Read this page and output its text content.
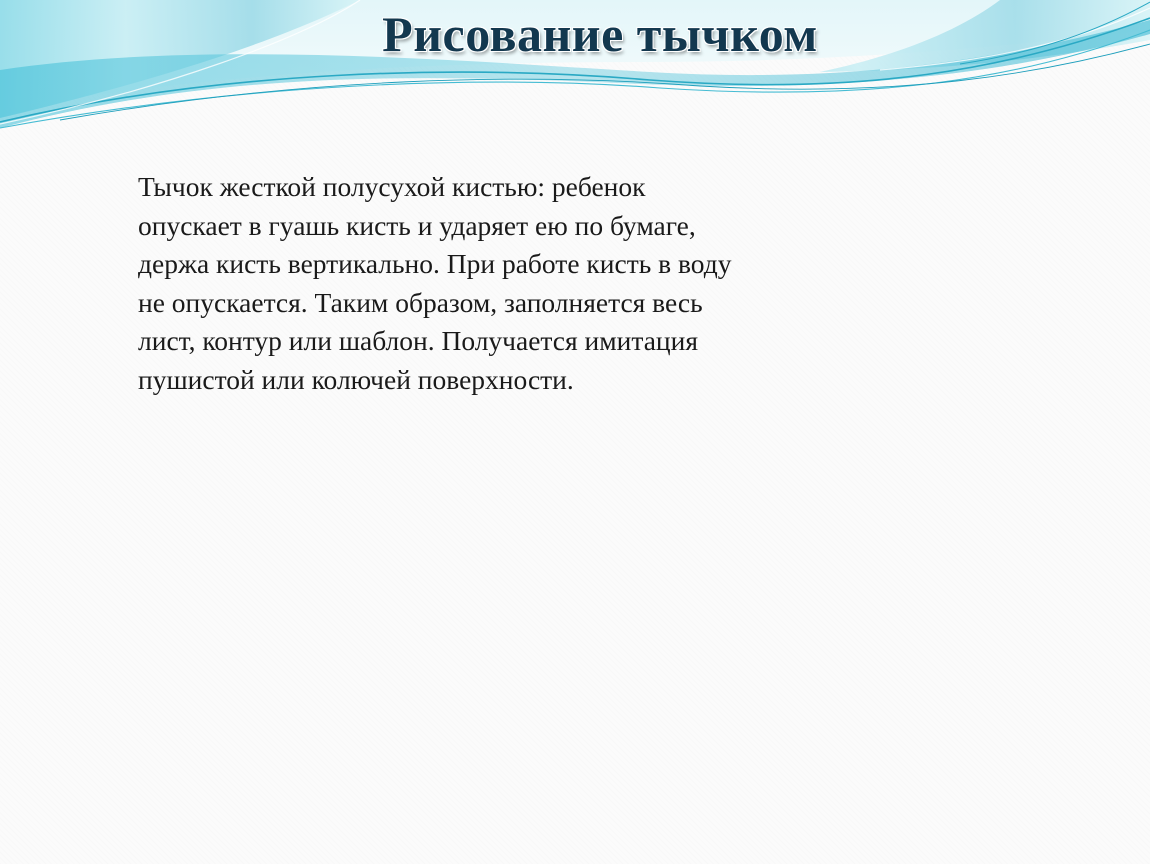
Рисование тычком

Тычок жесткой полусухой кистью: ребенок
опускает в гуашь кисть и ударяет ею по бумаге,
держа кисть вертикально. При работе кисть в воду
не опускается. Таким образом, заполняется весь
лист, контур или шаблон. Получается имитация
пушистой или колючей поверхности.
